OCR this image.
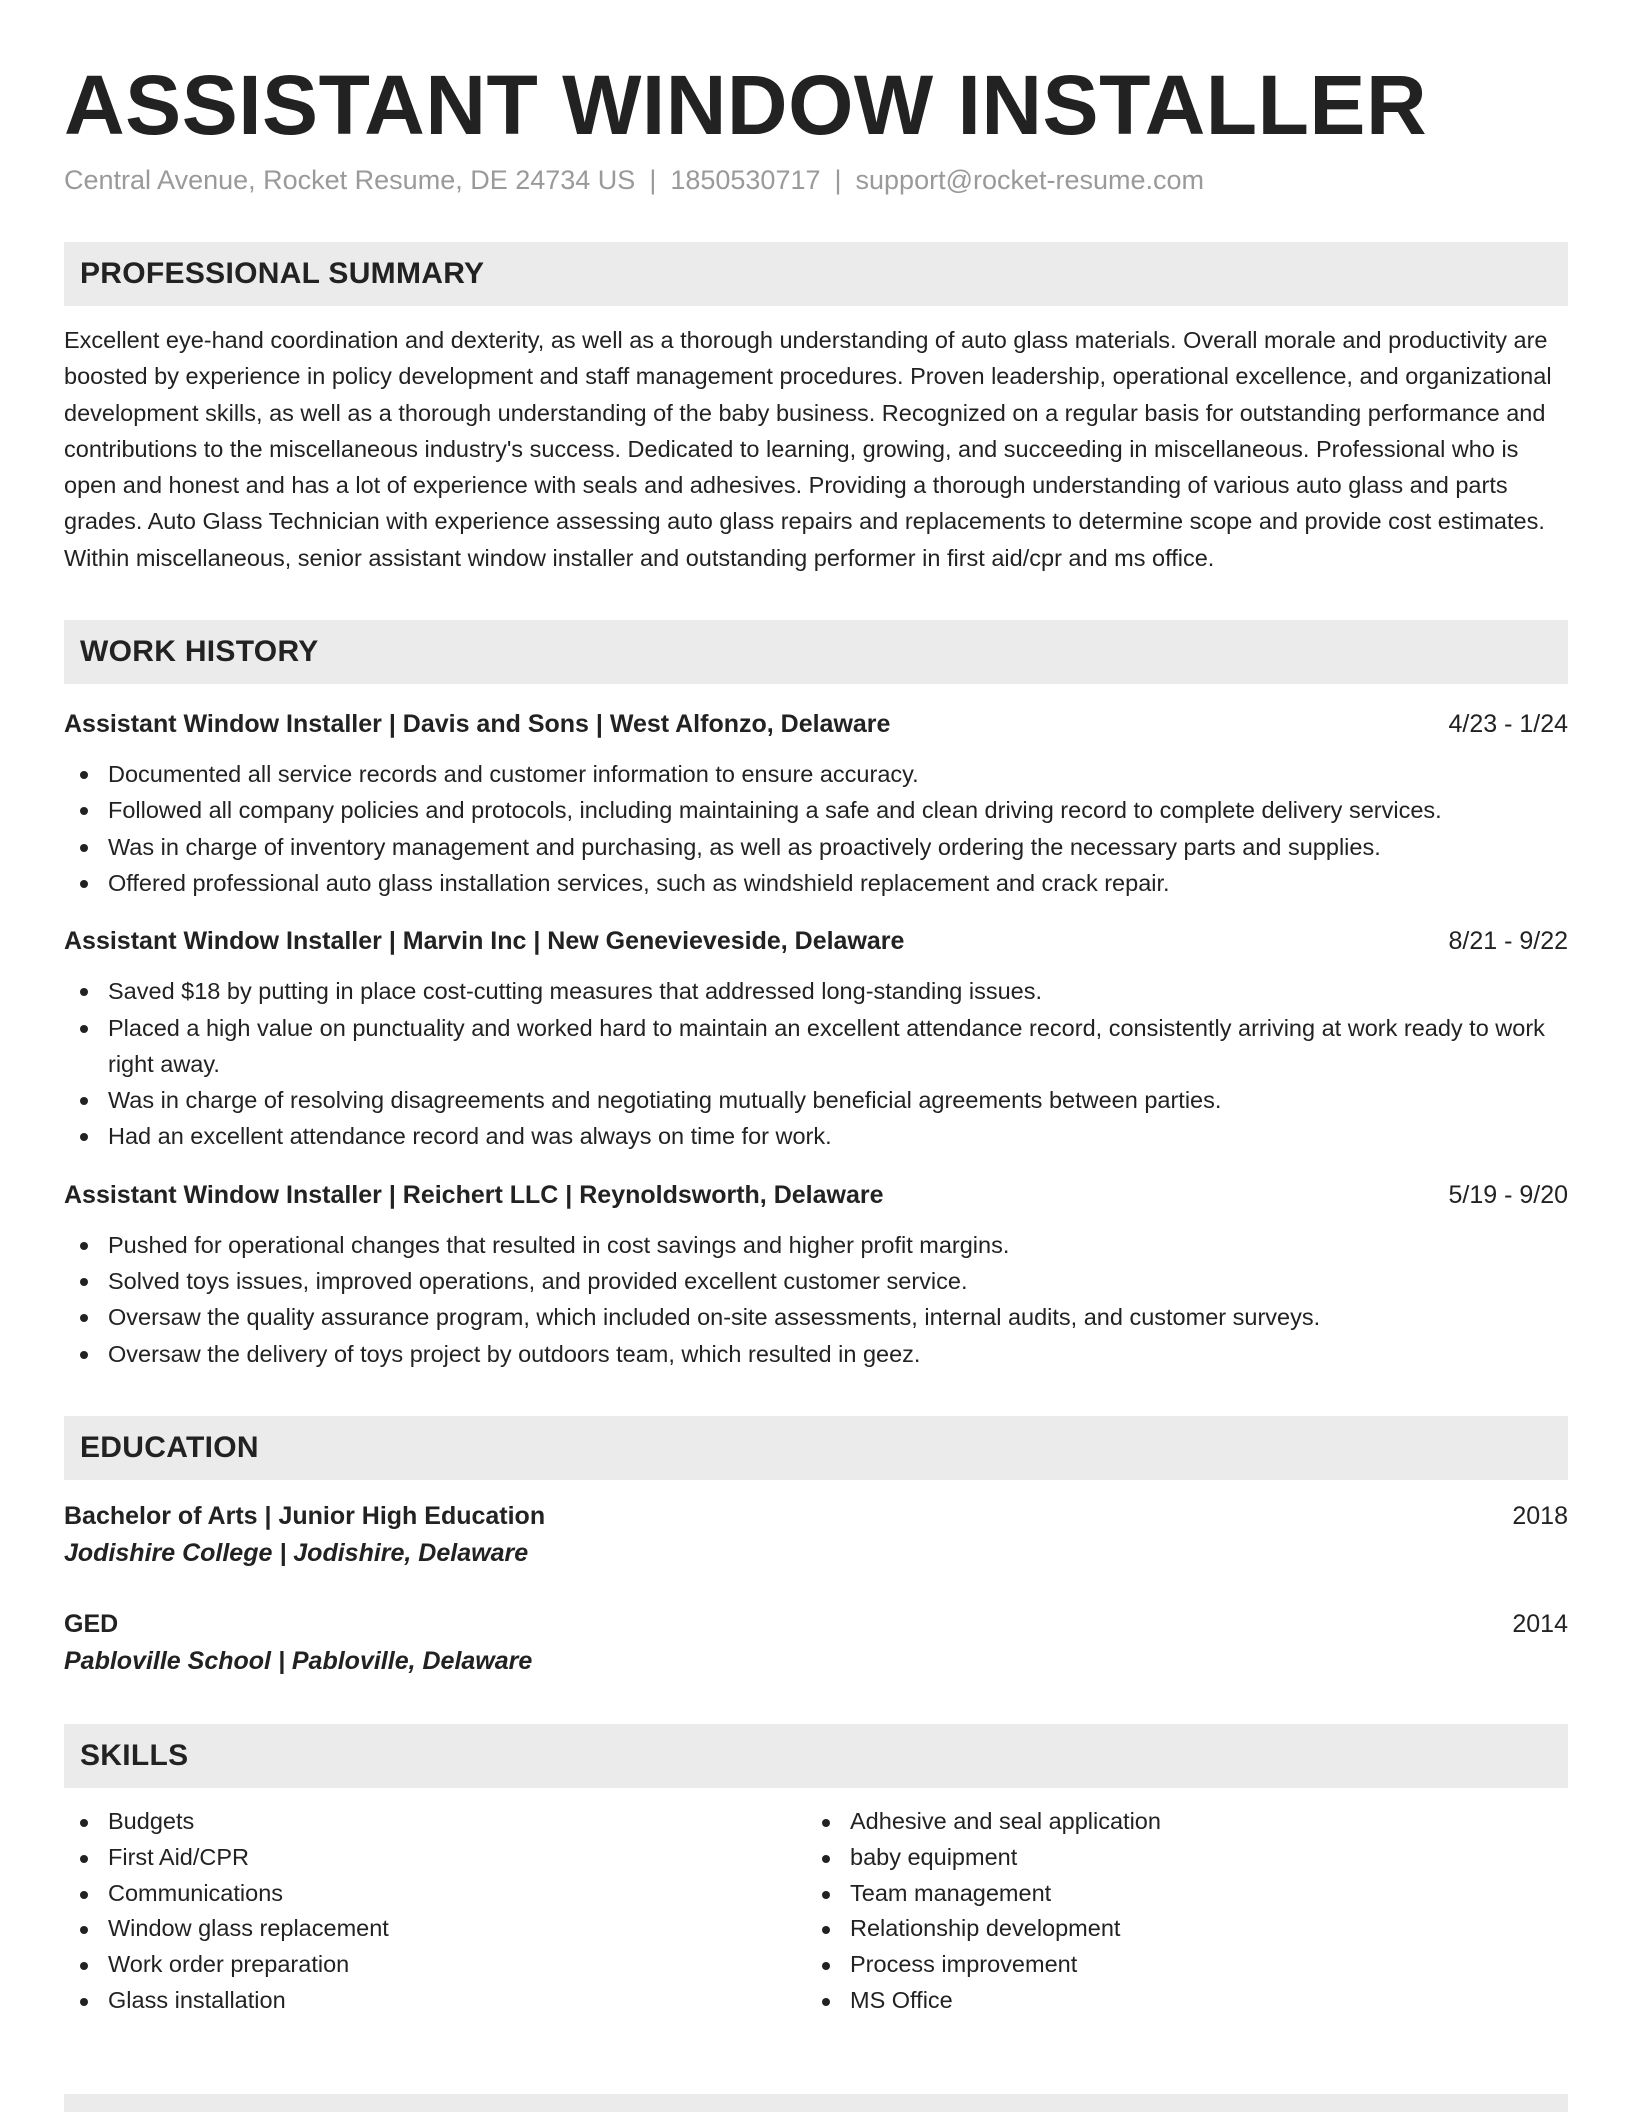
ASSISTANT WINDOW INSTALLER
Central Avenue, Rocket Resume, DE 24734 US | 1850530717 | support@rocket-resume.com
PROFESSIONAL SUMMARY

Excellent eye-hand coordination and dexterity, as well as a thorough understanding of auto glass materials. Overall morale and productivity are boosted by experience in policy development and staff management procedures. Proven leadership, operational excellence, and organizational development skills, as well as a thorough understanding of the baby business. Recognized on a regular basis for outstanding performance and contributions to the miscellaneous industry's success. Dedicated to learning, growing, and succeeding in miscellaneous. Professional who is open and honest and has a lot of experience with seals and adhesives. Providing a thorough understanding of various auto glass and parts grades. Auto Glass Technician with experience assessing auto glass repairs and replacements to determine scope and provide cost estimates. Within miscellaneous, senior assistant window installer and outstanding performer in first aid/cpr and ms office.

WORK HISTORY
Assistant Window Installer | Davis and Sons | West Alfonzo, Delaware	4/23 - 1/24
Documented all service records and customer information to ensure accuracy.
Followed all company policies and protocols, including maintaining a safe and clean driving record to complete delivery services.
Was in charge of inventory management and purchasing, as well as proactively ordering the necessary parts and supplies.
Offered professional auto glass installation services, such as windshield replacement and crack repair.
Assistant Window Installer | Marvin Inc | New Genevieveside, Delaware	8/21 - 9/22
Saved $18 by putting in place cost-cutting measures that addressed long-standing issues.
Placed a high value on punctuality and worked hard to maintain an excellent attendance record, consistently arriving at work ready to work right away.
Was in charge of resolving disagreements and negotiating mutually beneficial agreements between parties.
Had an excellent attendance record and was always on time for work.
Assistant Window Installer | Reichert LLC | Reynoldsworth, Delaware	5/19 - 9/20
Pushed for operational changes that resulted in cost savings and higher profit margins.
Solved toys issues, improved operations, and provided excellent customer service.
Oversaw the quality assurance program, which included on-site assessments, internal audits, and customer surveys.
Oversaw the delivery of toys project by outdoors team, which resulted in geez.
EDUCATION
Bachelor of Arts | Junior High Education	2018
Jodishire College | Jodishire, Delaware
GED	2014
Pabloville School | Pabloville, Delaware
SKILLS
Budgets
First Aid/CPR
Communications
Window glass replacement
Work order preparation
Glass installation
Adhesive and seal application
baby equipment
Team management
Relationship development
Process improvement
MS Office
